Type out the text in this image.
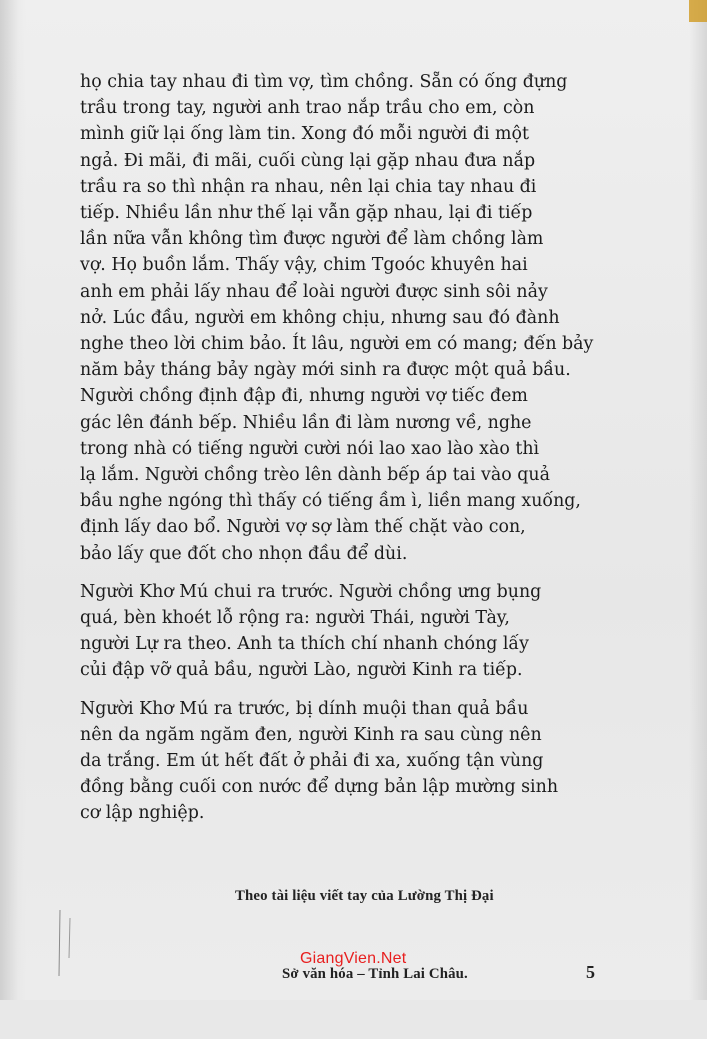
họ chia tay nhau đi tìm vợ, tìm chồng. Sẵn có ống đựng
trầu trong tay, người anh trao nắp trầu cho em, còn
mình giữ lại ống làm tin. Xong đó mỗi người đi một
ngả. Đi mãi, đi mãi, cuối cùng lại gặp nhau đưa nắp
trầu ra so thì nhận ra nhau, nên lại chia tay nhau đi
tiếp. Nhiều lần như thế lại vẫn gặp nhau, lại đi tiếp
lần nữa vẫn không tìm được người để làm chồng làm
vợ. Họ buồn lắm. Thấy vậy, chim Tgoóc khuyên hai
anh em phải lấy nhau để loài người được sinh sôi nảy
nở. Lúc đầu, người em không chịu, nhưng sau đó đành
nghe theo lời chim bảo. Ít lâu, người em có mang; đến bảy
năm bảy tháng bảy ngày mới sinh ra được một quả bầu.
Người chồng định đập đi, nhưng người vợ tiếc đem
gác lên đánh bếp. Nhiều lần đi làm nương về, nghe
trong nhà có tiếng người cười nói lao xao lào xào thì
lạ lắm. Người chồng trèo lên dành bếp áp tai vào quả
bầu nghe ngóng thì thấy có tiếng ầm ì, liền mang xuống,
định lấy dao bổ. Người vợ sợ làm thế chặt vào con,
bảo lấy que đốt cho nhọn đầu để dùi.

Người Khơ Mú chui ra trước. Người chồng ưng bụng
quá, bèn khoét lỗ rộng ra: người Thái, người Tày,
người Lự ra theo. Anh ta thích chí nhanh chóng lấy
củi đập vỡ quả bầu, người Lào, người Kinh ra tiếp.

Người Khơ Mú ra trước, bị dính muội than quả bầu
nên da ngăm ngăm đen, người Kinh ra sau cùng nên
da trắng. Em út hết đất ở phải đi xa, xuống tận vùng
đồng bằng cuối con nước để dựng bản lập mường sinh
cơ lập nghiệp.

Theo tài liệu viết tay của Lường Thị Đại

Sở văn hóa – Tỉnh Lai Châu.

GiangVien.Net
5
